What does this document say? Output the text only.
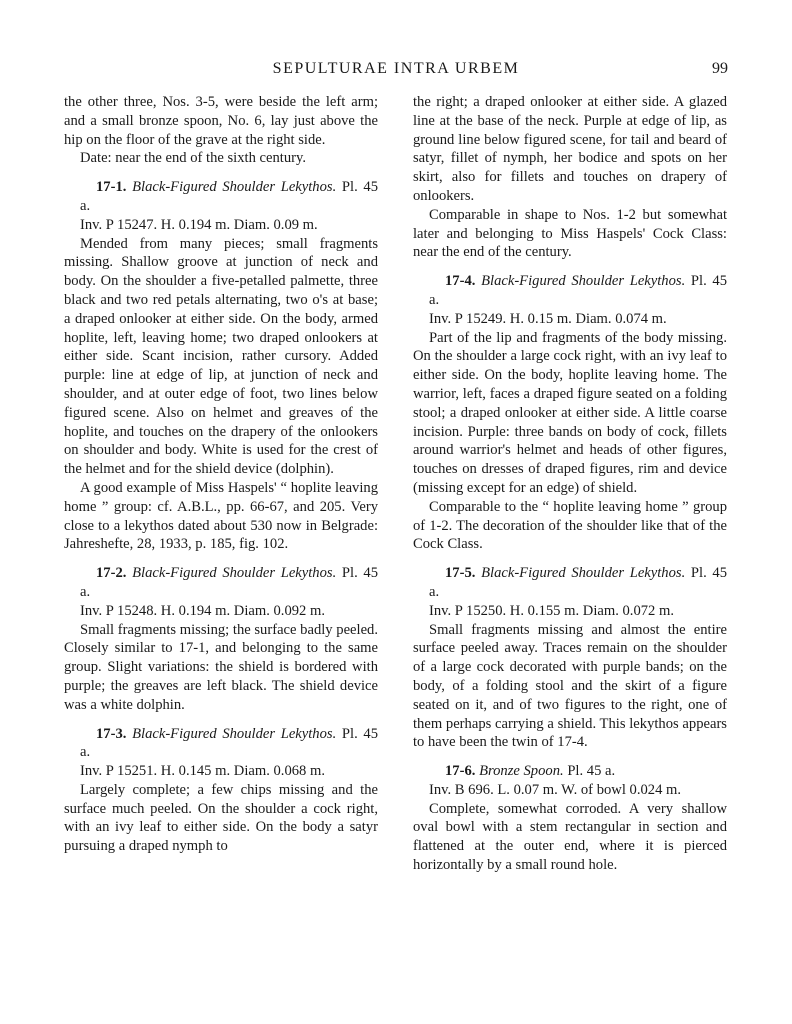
SEPULTURAE INTRA URBEM	99

the other three, Nos. 3-5, were beside the left arm; and a small bronze spoon, No. 6, lay just above the hip on the floor of the grave at the right side.

Date: near the end of the sixth century.

17-1. Black-Figured Shoulder Lekythos. Pl. 45 a.

Inv. P 15247. H. 0.194 m. Diam. 0.09 m.

Mended from many pieces; small fragments missing. Shallow groove at junction of neck and body. On the shoulder a five-petalled palmette, three black and two red petals alternating, two o's at base; a draped onlooker at either side. On the body, armed hoplite, left, leaving home; two draped onlookers at either side. Scant incision, rather cursory. Added purple: line at edge of lip, at junction of neck and shoulder, and at outer edge of foot, two lines below figured scene. Also on helmet and greaves of the hoplite, and touches on the drapery of the onlookers on shoulder and body. White is used for the crest of the helmet and for the shield device (dolphin).

A good example of Miss Haspels' “ hoplite leaving home ” group: cf. A.B.L., pp. 66-67, and 205. Very close to a lekythos dated about 530 now in Belgrade: Jahreshefte, 28, 1933, p. 185, fig. 102.

17-2. Black-Figured Shoulder Lekythos. Pl. 45 a.

Inv. P 15248. H. 0.194 m. Diam. 0.092 m.

Small fragments missing; the surface badly peeled. Closely similar to 17-1, and belonging to the same group. Slight variations: the shield is bordered with purple; the greaves are left black. The shield device was a white dolphin.

17-3. Black-Figured Shoulder Lekythos. Pl. 45 a.

Inv. P 15251. H. 0.145 m. Diam. 0.068 m.

Largely complete; a few chips missing and the surface much peeled. On the shoulder a cock right, with an ivy leaf to either side. On the body a satyr pursuing a draped nymph to

the right; a draped onlooker at either side. A glazed line at the base of the neck. Purple at edge of lip, as ground line below figured scene, for tail and beard of satyr, fillet of nymph, her bodice and spots on her skirt, also for fillets and touches on drapery of onlookers.

Comparable in shape to Nos. 1-2 but somewhat later and belonging to Miss Haspels' Cock Class: near the end of the century.

17-4. Black-Figured Shoulder Lekythos. Pl. 45 a.

Inv. P 15249. H. 0.15 m. Diam. 0.074 m.

Part of the lip and fragments of the body missing. On the shoulder a large cock right, with an ivy leaf to either side. On the body, hoplite leaving home. The warrior, left, faces a draped figure seated on a folding stool; a draped onlooker at either side. A little coarse incision. Purple: three bands on body of cock, fillets around warrior's helmet and heads of other figures, touches on dresses of draped figures, rim and device (missing except for an edge) of shield.

Comparable to the “ hoplite leaving home ” group of 1-2. The decoration of the shoulder like that of the Cock Class.

17-5. Black-Figured Shoulder Lekythos. Pl. 45 a.

Inv. P 15250. H. 0.155 m. Diam. 0.072 m.

Small fragments missing and almost the entire surface peeled away. Traces remain on the shoulder of a large cock decorated with purple bands; on the body, of a folding stool and the skirt of a figure seated on it, and of two figures to the right, one of them perhaps carrying a shield. This lekythos appears to have been the twin of 17-4.

17-6. Bronze Spoon. Pl. 45 a.

Inv. B 696. L. 0.07 m. W. of bowl 0.024 m.

Complete, somewhat corroded. A very shallow oval bowl with a stem rectangular in section and flattened at the outer end, where it is pierced horizontally by a small round hole.
